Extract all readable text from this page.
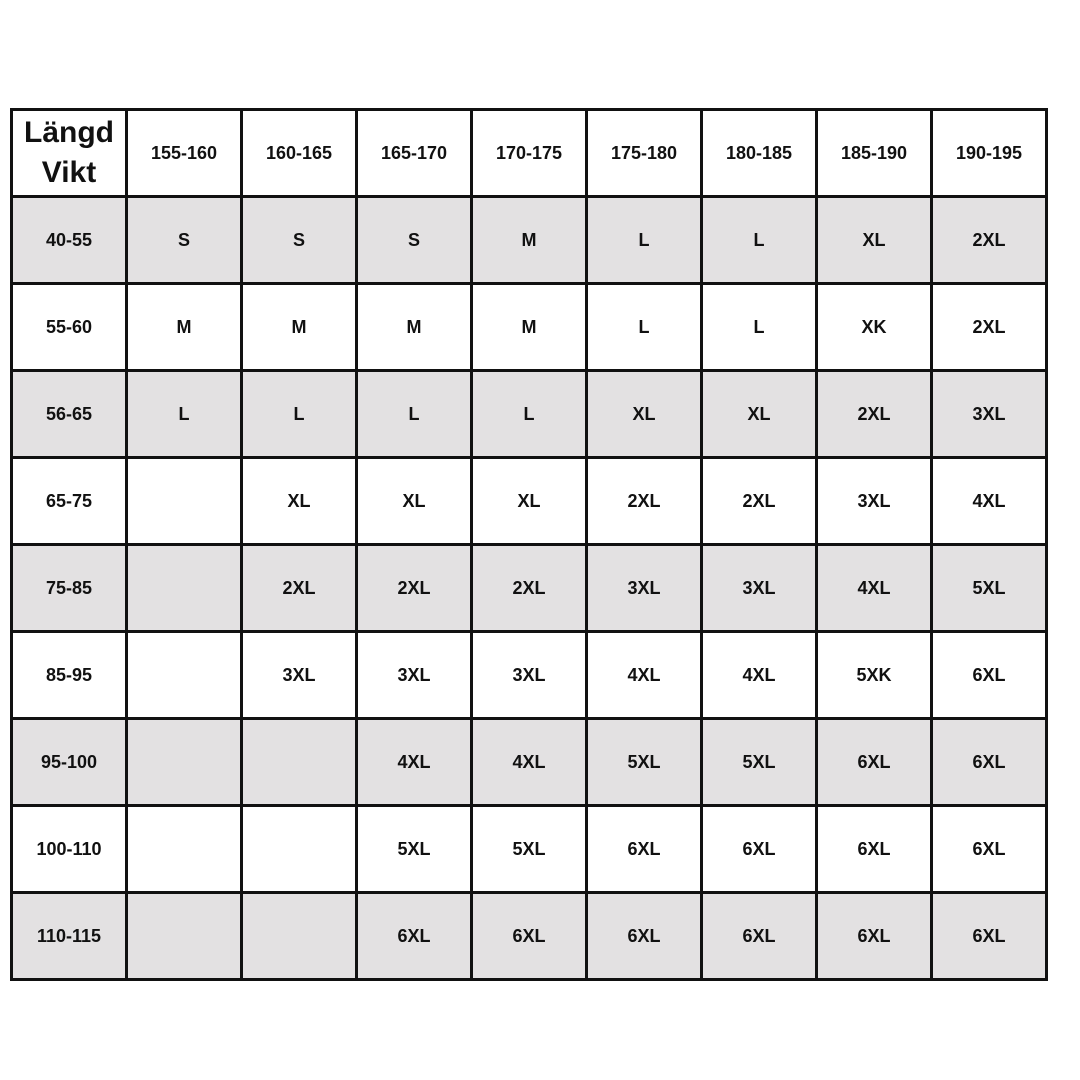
Längd
Vikt	155-160	160-165	165-170	170-175	175-180	180-185	185-190	190-195
40-55	S	S	S	M	L	L	XL	2XL
55-60	M	M	M	M	L	L	XK	2XL
56-65	L	L	L	L	XL	XL	2XL	3XL
65-75		XL	XL	XL	2XL	2XL	3XL	4XL
75-85		2XL	2XL	2XL	3XL	3XL	4XL	5XL
85-95		3XL	3XL	3XL	4XL	4XL	5XK	6XL
95-100			4XL	4XL	5XL	5XL	6XL	6XL
100-110			5XL	5XL	6XL	6XL	6XL	6XL
110-115			6XL	6XL	6XL	6XL	6XL	6XL
